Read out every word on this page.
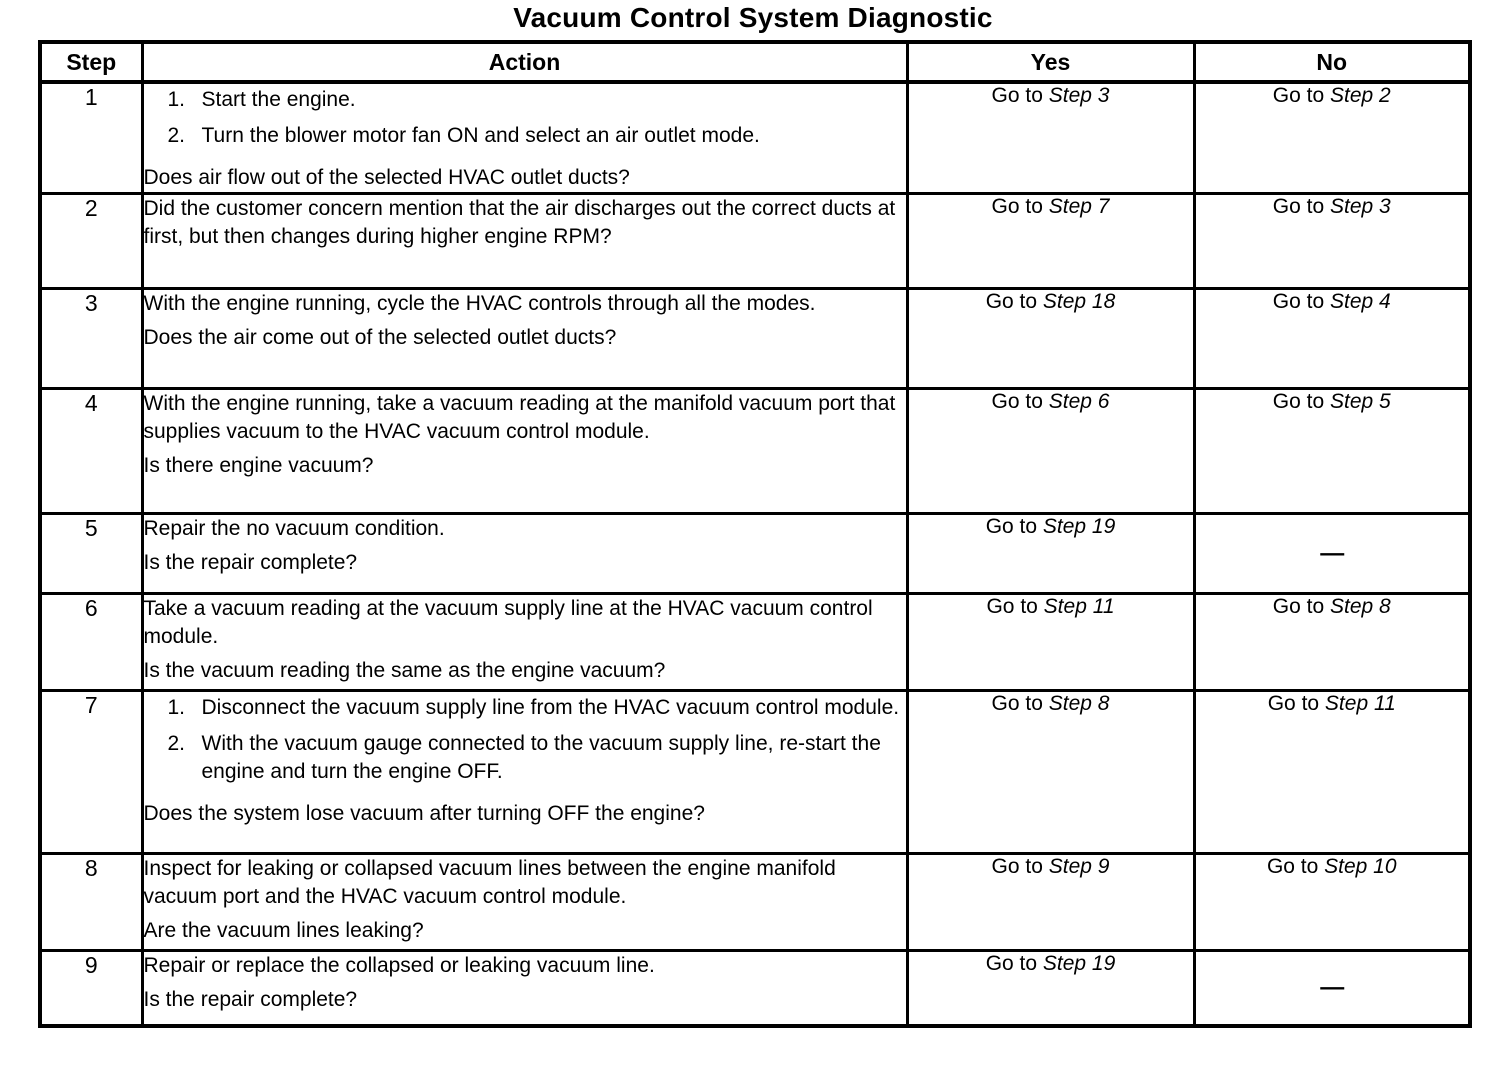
Vacuum Control System Diagnostic
Step	Action	Yes	No
1	1. Start the engine.
2. Turn the blower motor fan ON and select an air outlet mode.

Does air flow out of the selected HVAC outlet ducts?

	Go to Step 3	Go to Step 2
2	Did the customer concern mention that the air discharges out the correct ducts at first, but then changes during higher engine RPM?	Go to Step 7	Go to Step 3
3	With the engine running, cycle the HVAC controls through all the modes.

Does the air come out of the selected outlet ducts?	Go to Step 18	Go to Step 4
4	With the engine running, take a vacuum reading at the manifold vacuum port that supplies vacuum to the HVAC vacuum control module.

Is there engine vacuum?	Go to Step 6	Go to Step 5
5	Repair the no vacuum condition.

Is the repair complete?	Go to Step 19	—
6	Take a vacuum reading at the vacuum supply line at the HVAC vacuum control module.

Is the vacuum reading the same as the engine vacuum?	Go to Step 11	Go to Step 8
7	1. Disconnect the vacuum supply line from the HVAC vacuum control module.
2. With the vacuum gauge connected to the vacuum supply line, re-start the engine and turn the engine OFF.

Does the system lose vacuum after turning OFF the engine?

	Go to Step 8	Go to Step 11
8	Inspect for leaking or collapsed vacuum lines between the engine manifold vacuum port and the HVAC vacuum control module.

Are the vacuum lines leaking?	Go to Step 9	Go to Step 10
9	Repair or replace the collapsed or leaking vacuum line.

Is the repair complete?	Go to Step 19	—
